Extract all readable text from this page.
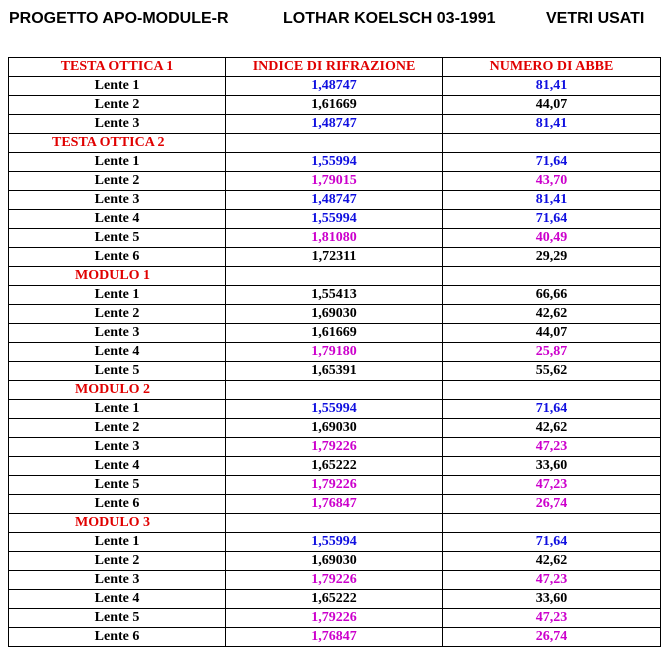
PROGETTO APO-MODULE-R	LOTHAR KOELSCH 03-1991	VETRI USATI
TESTA OTTICA 1	INDICE DI RIFRAZIONE	NUMERO DI ABBE
Lente 1	1,48747	81,41
Lente 2	1,61669	44,07
Lente 3	1,48747	81,41
TESTA OTTICA 2		
Lente 1	1,55994	71,64
Lente 2	1,79015	43,70
Lente 3	1,48747	81,41
Lente 4	1,55994	71,64
Lente 5	1,81080	40,49
Lente 6	1,72311	29,29
MODULO 1		
Lente 1	1,55413	66,66
Lente 2	1,69030	42,62
Lente 3	1,61669	44,07
Lente 4	1,79180	25,87
Lente 5	1,65391	55,62
MODULO 2		
Lente 1	1,55994	71,64
Lente 2	1,69030	42,62
Lente 3	1,79226	47,23
Lente 4	1,65222	33,60
Lente 5	1,79226	47,23
Lente 6	1,76847	26,74
MODULO 3		
Lente 1	1,55994	71,64
Lente 2	1,69030	42,62
Lente 3	1,79226	47,23
Lente 4	1,65222	33,60
Lente 5	1,79226	47,23
Lente 6	1,76847	26,74
